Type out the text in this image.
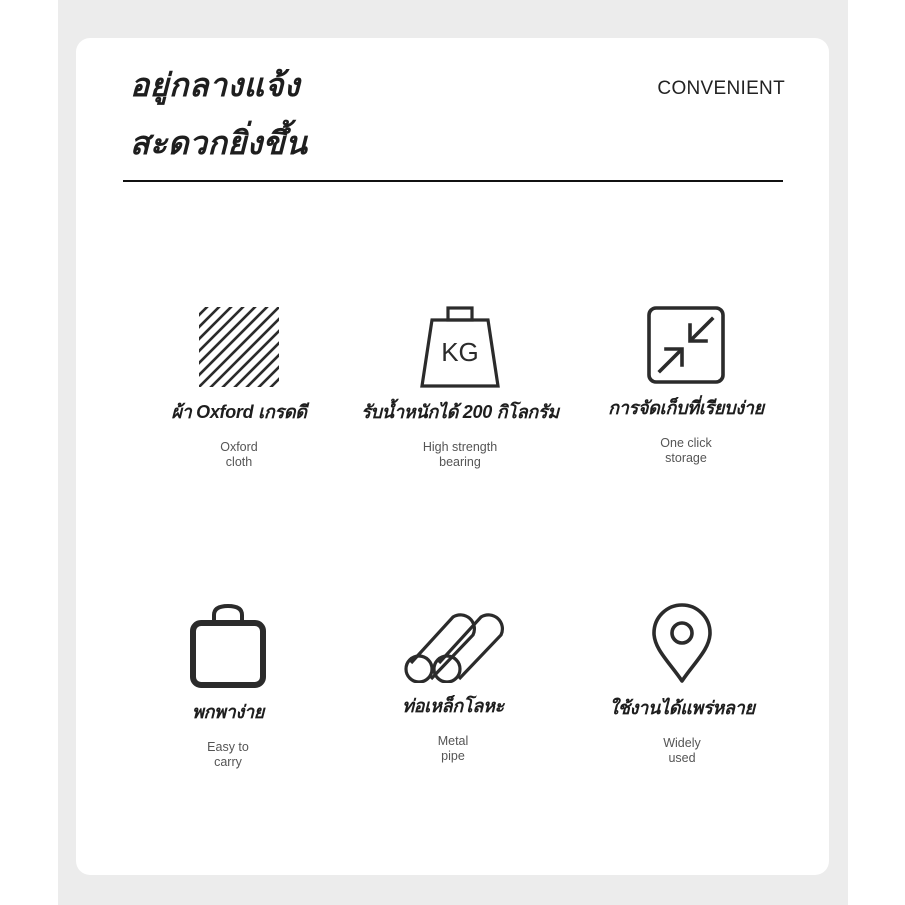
อยู่กลางแจ้ง
สะดวกยิ่งขึ้น
CONVENIENT
ผ้า Oxford เกรดดี
Oxford
cloth
KG
รับน้ำหนักได้ 200 กิโลกรัม
High strength
bearing
การจัดเก็บที่เรียบง่าย
One click
storage
พกพาง่าย
Easy to
carry
ท่อเหล็กโลหะ
Metal
pipe
ใช้งานได้แพร่หลาย
Widely
used
